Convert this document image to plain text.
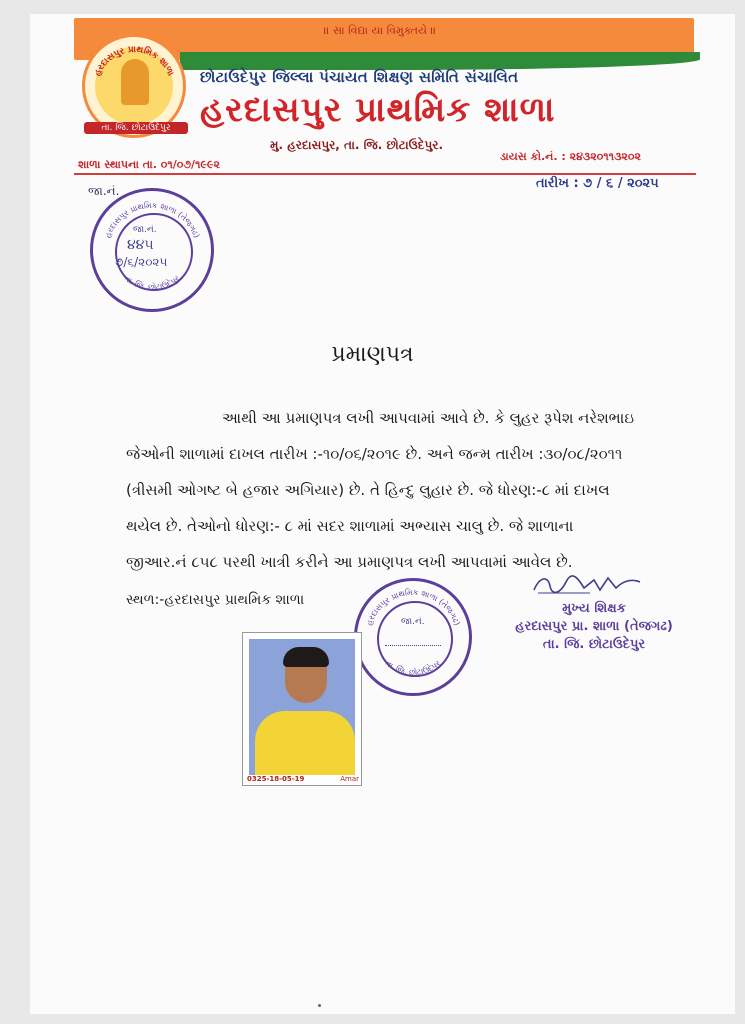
॥ સા વિદ્યા યા વિમુક્તયે ॥
હરદાસપુર પ્રાથમિક શાળા
તા. જિ. છોટાઉદેપુર
છોટાઉદેપુર જિલ્લા પંચાયત શિક્ષણ સમિતિ સંચાલિત
હરદાસપુર પ્રાથમિક શાળા
મુ. હરદાસપુર, તા. જિ. છોટાઉદેપુર.
શાળા સ્થાપના તા. ૦૧/૦૭/૧૯૯૨
ડાયસ કો.નં. : ૨૪૩૨૦૧૧૩૨૦૨
જા.નં.	તારીખ : ૭ / ૬ / ૨૦૨૫
હરદાસપુર પ્રાથમિક શાળા (તેજગઢ)
તા. જિ. છોટાઉદેપુર
જા.નં.
૪૪૫
૭/૬/૨૦૨૫
પ્રમાણપત્ર
આથી આ પ્રમાણપત્ર લખી આપવામાં આવે છે. કે લુહર રૂપેશ નરેશભાઇ
જેઓની શાળામાં દાખલ તારીખ :-૧૦/૦૬/૨૦૧૯ છે. અને જન્મ તારીખ :૩૦/૦૮/૨૦૧૧
(ત્રીસમી ઓગષ્ટ બે હજાર અગિયાર) છે. તે હિન્દુ લુહાર છે. જે ધોરણ:-૮ માં દાખલ
થયેલ છે. તેઓનો ધોરણ:- ૮ માં સદર શાળામાં અભ્યાસ ચાલુ છે. જે શાળાના
જીઆર.નં ૮૫૮ પરથી ખાત્રી કરીને આ પ્રમાણપત્ર લખી આપવામાં આવેલ છે.
સ્થળ:-હરદાસપુર પ્રાથમિક શાળા
હરદાસપુર પ્રાથમિક શાળા (તેજગઢ)
તા. જિ. છોટાઉદેપુર
જા.નં.
મુખ્ય શિક્ષક
હરદાસપુર પ્રા. શાળા (તેજગઢ)
તા. જિ. છોટાઉદેપુર
Amar
0325-18-05-19
